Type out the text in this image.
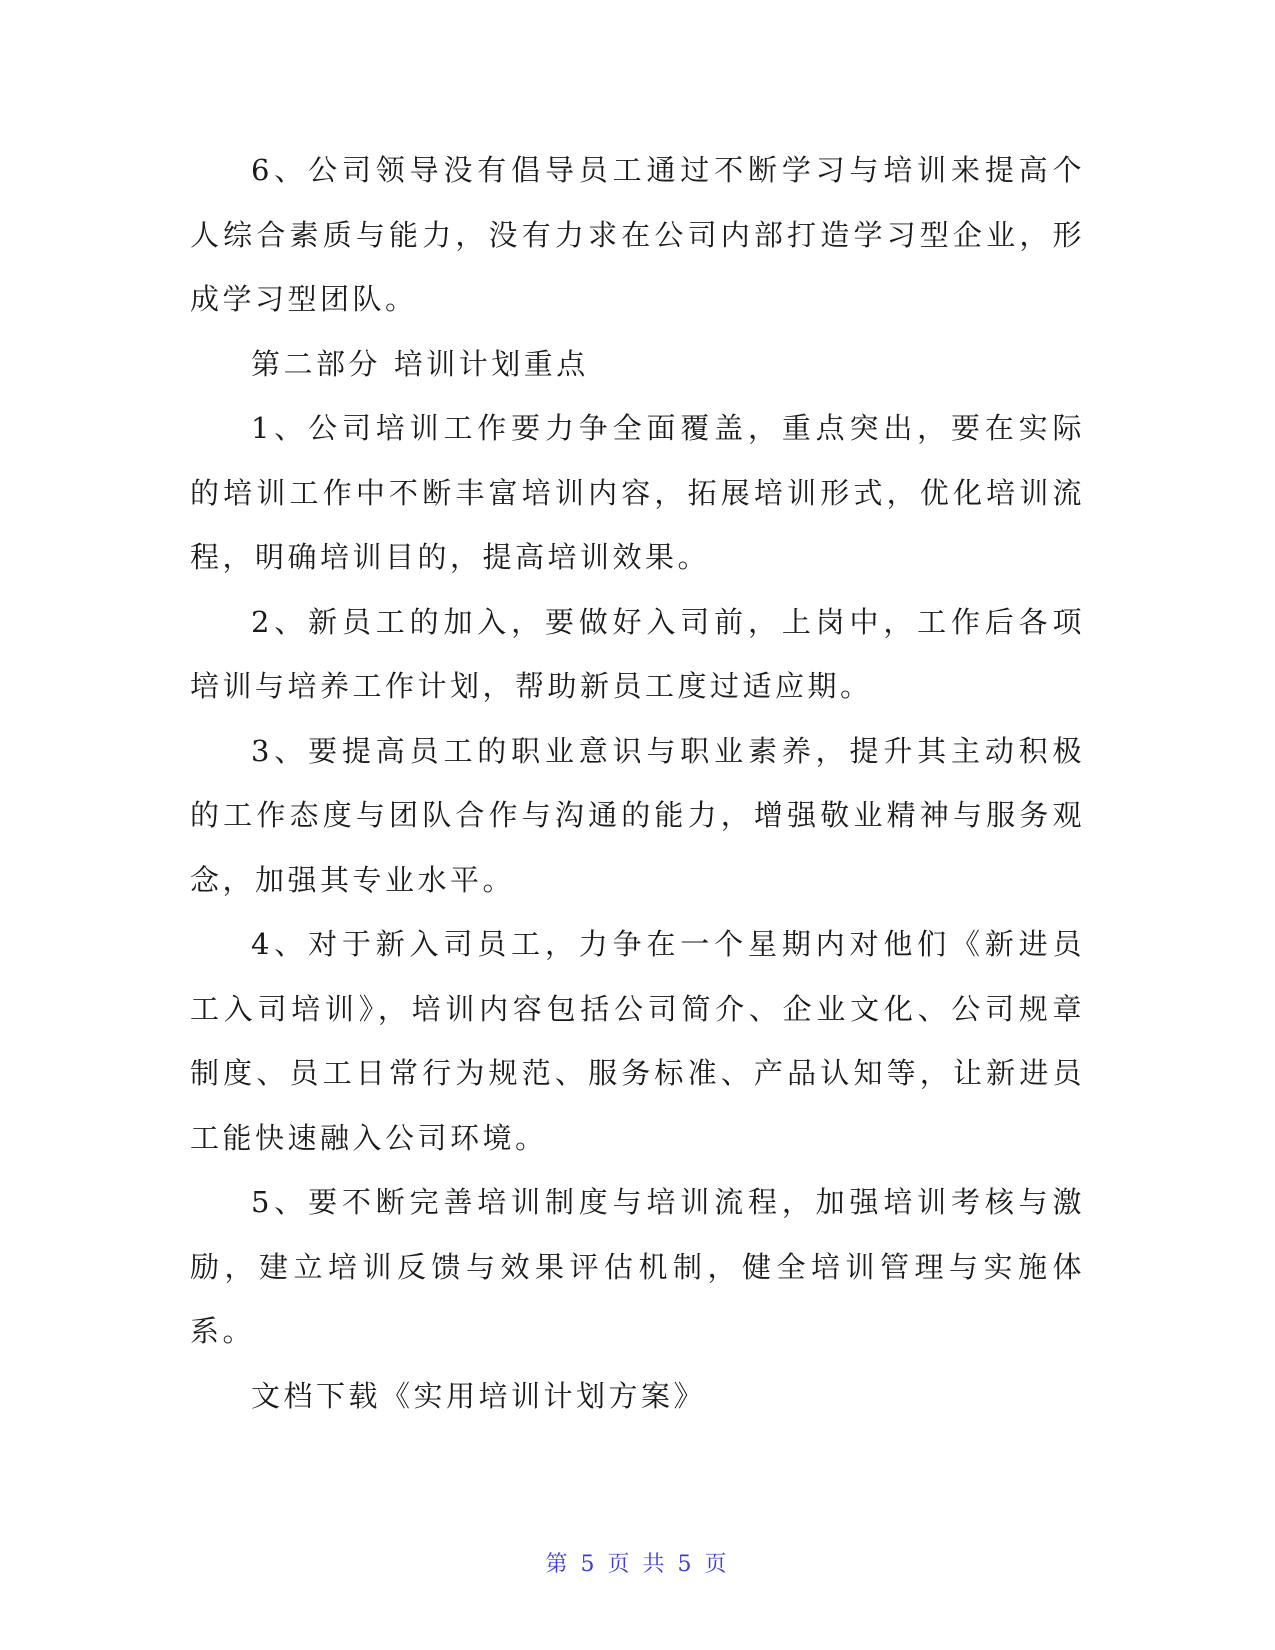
6、公司领导没有倡导员工通过不断学习与培训来提高个人综合素质与能力，没有力求在公司内部打造学习型企业，形成学习型团队。

第二部分 培训计划重点

1、公司培训工作要力争全面覆盖，重点突出，要在实际的培训工作中不断丰富培训内容，拓展培训形式，优化培训流程，明确培训目的，提高培训效果。

2、新员工的加入，要做好入司前，上岗中，工作后各项培训与培养工作计划，帮助新员工度过适应期。

3、要提高员工的职业意识与职业素养，提升其主动积极的工作态度与团队合作与沟通的能力，增强敬业精神与服务观念，加强其专业水平。

4、对于新入司员工，力争在一个星期内对他们《新进员工入司培训》，培训内容包括公司简介、企业文化、公司规章制度、员工日常行为规范、服务标准、产品认知等，让新进员工能快速融入公司环境。

5、要不断完善培训制度与培训流程，加强培训考核与激励，建立培训反馈与效果评估机制，健全培训管理与实施体系。

文档下载《实用培训计划方案》

第 5 页 共 5 页
